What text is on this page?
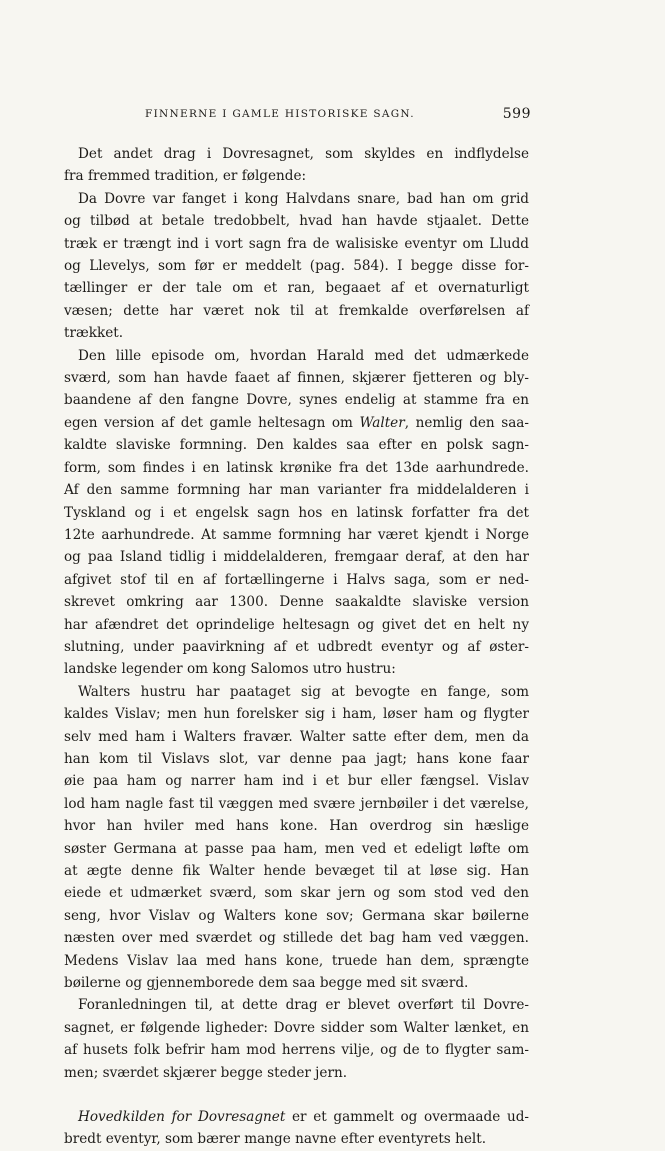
FINNERNE I GAMLE HISTORISKE SAGN.	599
Det andet drag i Dovresagnet, som skyldes en indflydelse
fra fremmed tradition, er følgende:
Da Dovre var fanget i kong Halvdans snare, bad han om grid
og tilbød at betale tredobbelt, hvad han havde stjaalet. Dette
træk er trængt ind i vort sagn fra de walisiske eventyr om Lludd
og Llevelys, som før er meddelt (pag. 584). I begge disse for-
tællinger er der tale om et ran, begaaet af et overnaturligt
væsen; dette har været nok til at fremkalde overførelsen af
trækket.
Den lille episode om, hvordan Harald med det udmærkede
sværd, som han havde faaet af finnen, skjærer fjetteren og bly-
baandene af den fangne Dovre, synes endelig at stamme fra en
egen version af det gamle heltesagn om Walter, nemlig den saa-
kaldte slaviske formning. Den kaldes saa efter en polsk sagn-
form, som findes i en latinsk krønike fra det 13de aarhundrede.
Af den samme formning har man varianter fra middelalderen i
Tyskland og i et engelsk sagn hos en latinsk forfatter fra det
12te aarhundrede. At samme formning har været kjendt i Norge
og paa Island tidlig i middelalderen, fremgaar deraf, at den har
afgivet stof til en af fortællingerne i Halvs saga, som er ned-
skrevet omkring aar 1300. Denne saakaldte slaviske version
har afændret det oprindelige heltesagn og givet det en helt ny
slutning, under paavirkning af et udbredt eventyr og af øster-
landske legender om kong Salomos utro hustru:
Walters hustru har paataget sig at bevogte en fange, som
kaldes Vislav; men hun forelsker sig i ham, løser ham og flygter
selv med ham i Walters fravær. Walter satte efter dem, men da
han kom til Vislavs slot, var denne paa jagt; hans kone faar
øie paa ham og narrer ham ind i et bur eller fængsel. Vislav
lod ham nagle fast til væggen med svære jernbøiler i det værelse,
hvor han hviler med hans kone. Han overdrog sin hæslige
søster Germana at passe paa ham, men ved et edeligt løfte om
at ægte denne fik Walter hende bevæget til at løse sig. Han
eiede et udmærket sværd, som skar jern og som stod ved den
seng, hvor Vislav og Walters kone sov; Germana skar bøilerne
næsten over med sværdet og stillede det bag ham ved væggen.
Medens Vislav laa med hans kone, truede han dem, sprængte
bøilerne og gjennemborede dem saa begge med sit sværd.
Foranledningen til, at dette drag er blevet overført til Dovre-
sagnet, er følgende ligheder: Dovre sidder som Walter lænket, en
af husets folk befrir ham mod herrens vilje, og de to flygter sam-
men; sværdet skjærer begge steder jern.
Hovedkilden for Dovresagnet er et gammelt og overmaade ud-
bredt eventyr, som bærer mange navne efter eventyrets helt.
